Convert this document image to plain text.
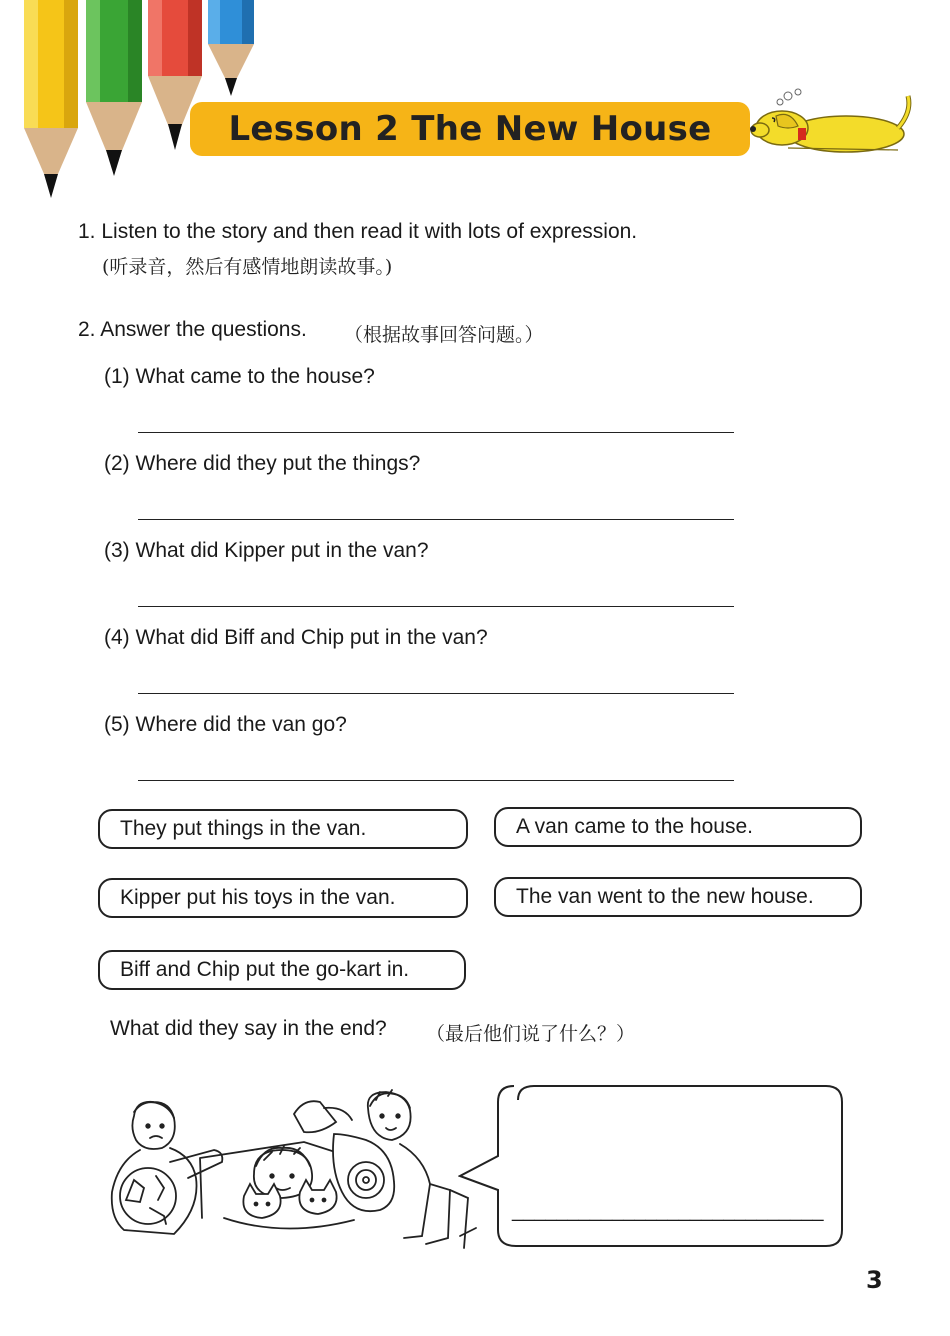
Lesson 2 The New House
1. Listen to the story and then read it with lots of expression.
(听录音，然后有感情地朗读故事。)
2. Answer the questions. （根据故事回答问题。）
(1) What came to the house?
(2) Where did they put the things?
(3) What did Kipper put in the van?
(4) What did Biff and Chip put in the van?
(5) Where did the van go?
They put things in the van.	A van came to the house.
Kipper put his toys in the van.	The van went to the new house.
Biff and Chip put the go-kart in.
What did they say in the end? （最后他们说了什么？）
____________________________
3
